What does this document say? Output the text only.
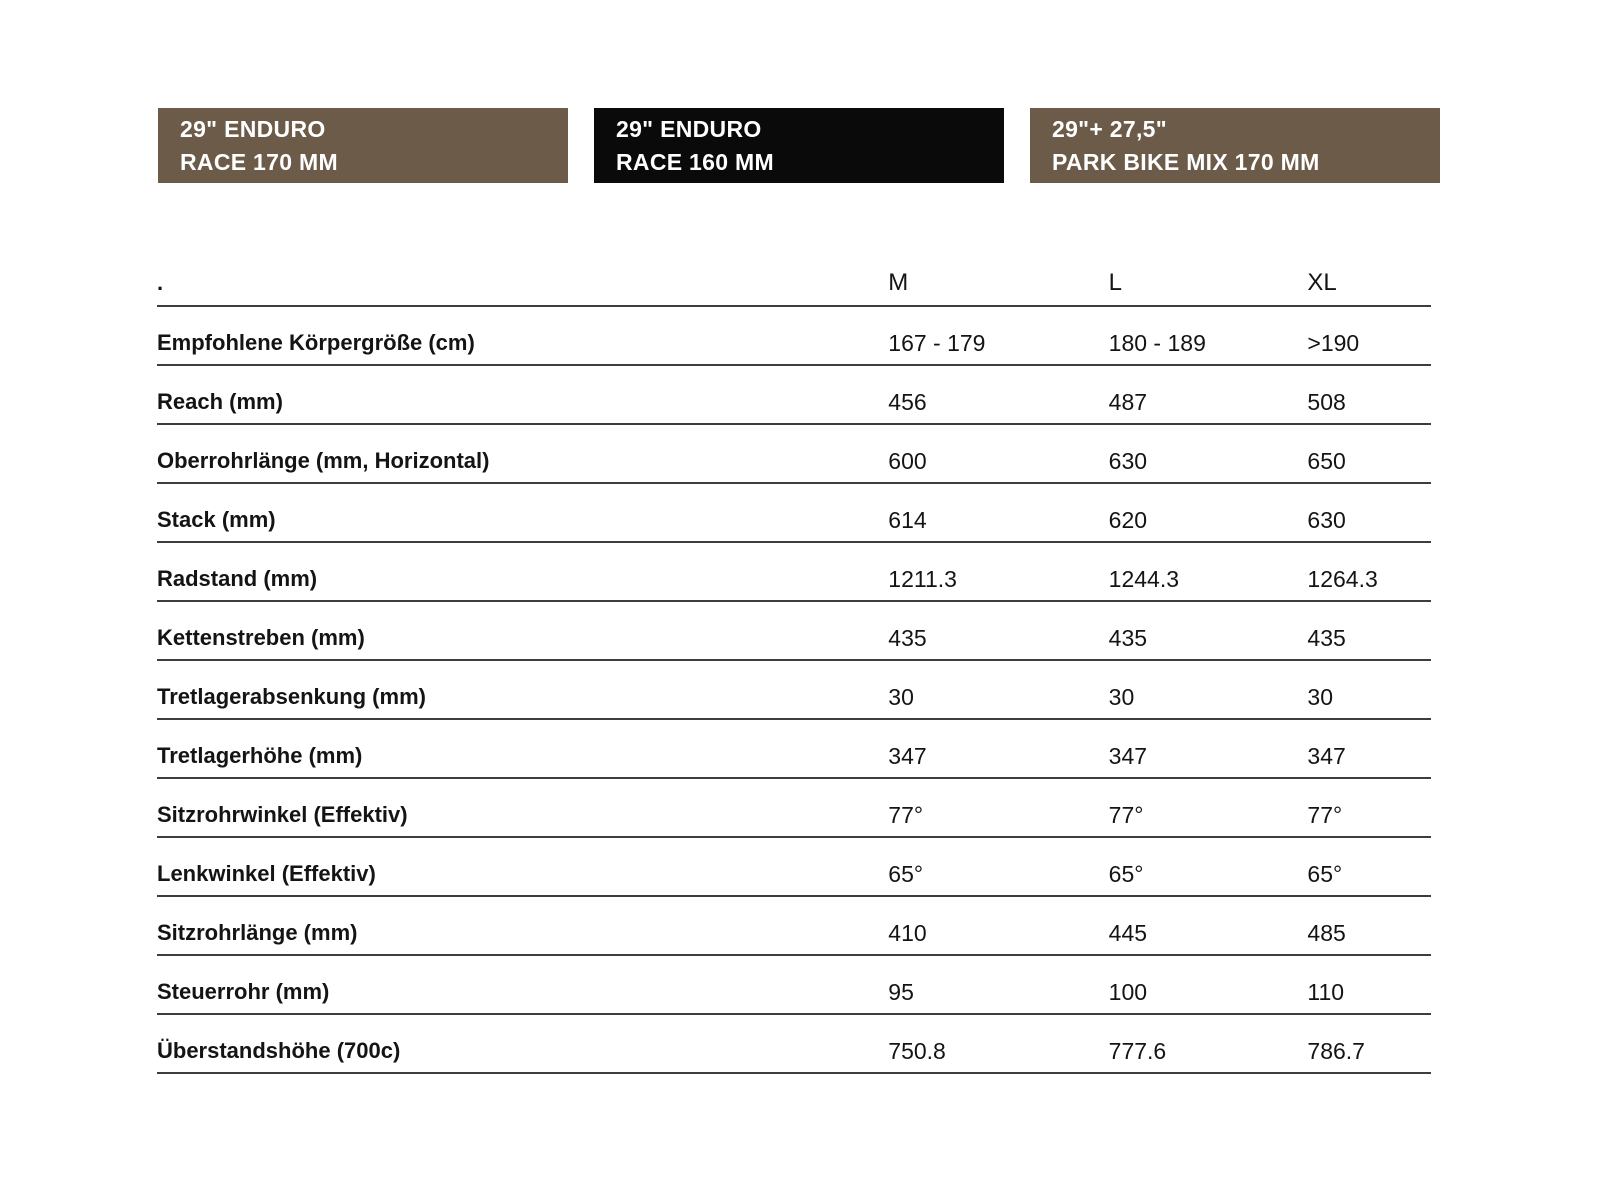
29" ENDURO
RACE 170 MM
29" ENDURO
RACE 160 MM
29"+ 27,5"
PARK BIKE MIX 170 MM
.	M	L	XL
Empfohlene Körpergröße (cm)	167 - 179	180 - 189	>190
Reach (mm)	456	487	508
Oberrohrlänge (mm, Horizontal)	600	630	650
Stack (mm)	614	620	630
Radstand (mm)	1211.3	1244.3	1264.3
Kettenstreben (mm)	435	435	435
Tretlagerabsenkung (mm)	30	30	30
Tretlagerhöhe (mm)	347	347	347
Sitzrohrwinkel (Effektiv)	77°	77°	77°
Lenkwinkel (Effektiv)	65°	65°	65°
Sitzrohrlänge (mm)	410	445	485
Steuerrohr (mm)	95	100	110
Überstandshöhe (700c)	750.8	777.6	786.7
